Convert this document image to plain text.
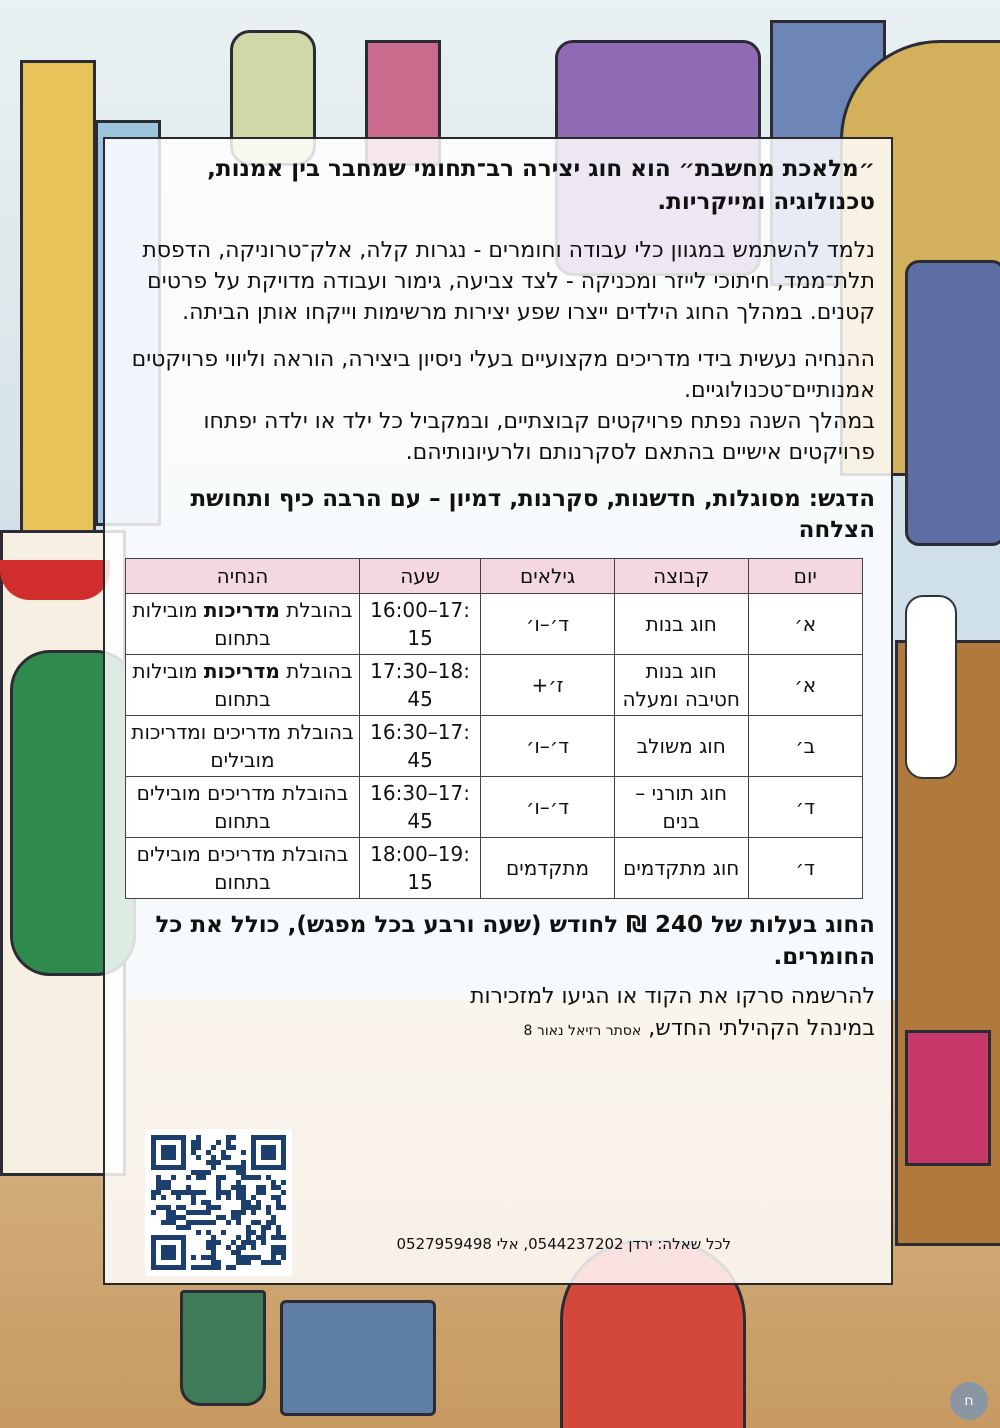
״מלאכת מחשבת״ הוא חוג יצירה רב־תחומי שמחבר בין אמנות, טכנולוגיה ומייקריות.
נלמד להשתמש במגוון כלי עבודה וחומרים - נגרות קלה, אלק־טרוניקה, הדפסת תלת־ממד, חיתוכי לייזר ומכניקה - לצד צביעה, גימור ועבודה מדויקת על פרטים קטנים. במהלך החוג הילדים ייצרו שפע יצירות מרשימות וייקחו אותן הביתה.

ההנחיה נעשית בידי מדריכים מקצועיים בעלי ניסיון ביצירה, הוראה וליווי פרויקטים אמנותיים־טכנולוגיים.

במהלך השנה נפתח פרויקטים קבוצתיים, ובמקביל כל ילד או ילדה יפתחו פרויקטים אישיים בהתאם לסקרנותם ולרעיונותיהם.

הדגש: מסוגלות, חדשנות, סקרנות, דמיון – עם הרבה כיף ותחושת הצלחה
יום	קבוצה	גילאים	שעה	הנחיה
א׳	חוג בנות	ד׳–ו׳	16:00–17: 15	בהובלת מדריכות מובילות בתחום
א׳	חוג בנות חטיבה ומעלה	ז׳+	17:30–18: 45	בהובלת מדריכות מובילות בתחום
ב׳	חוג משולב	ד׳–ו׳	16:30–17: 45	בהובלת מדריכים ומדריכות מובילים
ד׳	חוג תורני – בנים	ד׳–ו׳	16:30–17: 45	בהובלת מדריכים מובילים בתחום
ד׳	חוג מתקדמים	מתקדמים	18:00–19: 15	בהובלת מדריכים מובילים בתחום
החוג בעלות של 240 ₪ לחודש (שעה ורבע בכל מפגש), כולל את כל החומרים.

להרשמה סרקו את הקוד או הגיעו למזכירות

במינהל הקהילתי החדש, אסתר רזיאל נאור 8

לכל שאלה: ירדן 0544237202, אלי 0527959498
ח
